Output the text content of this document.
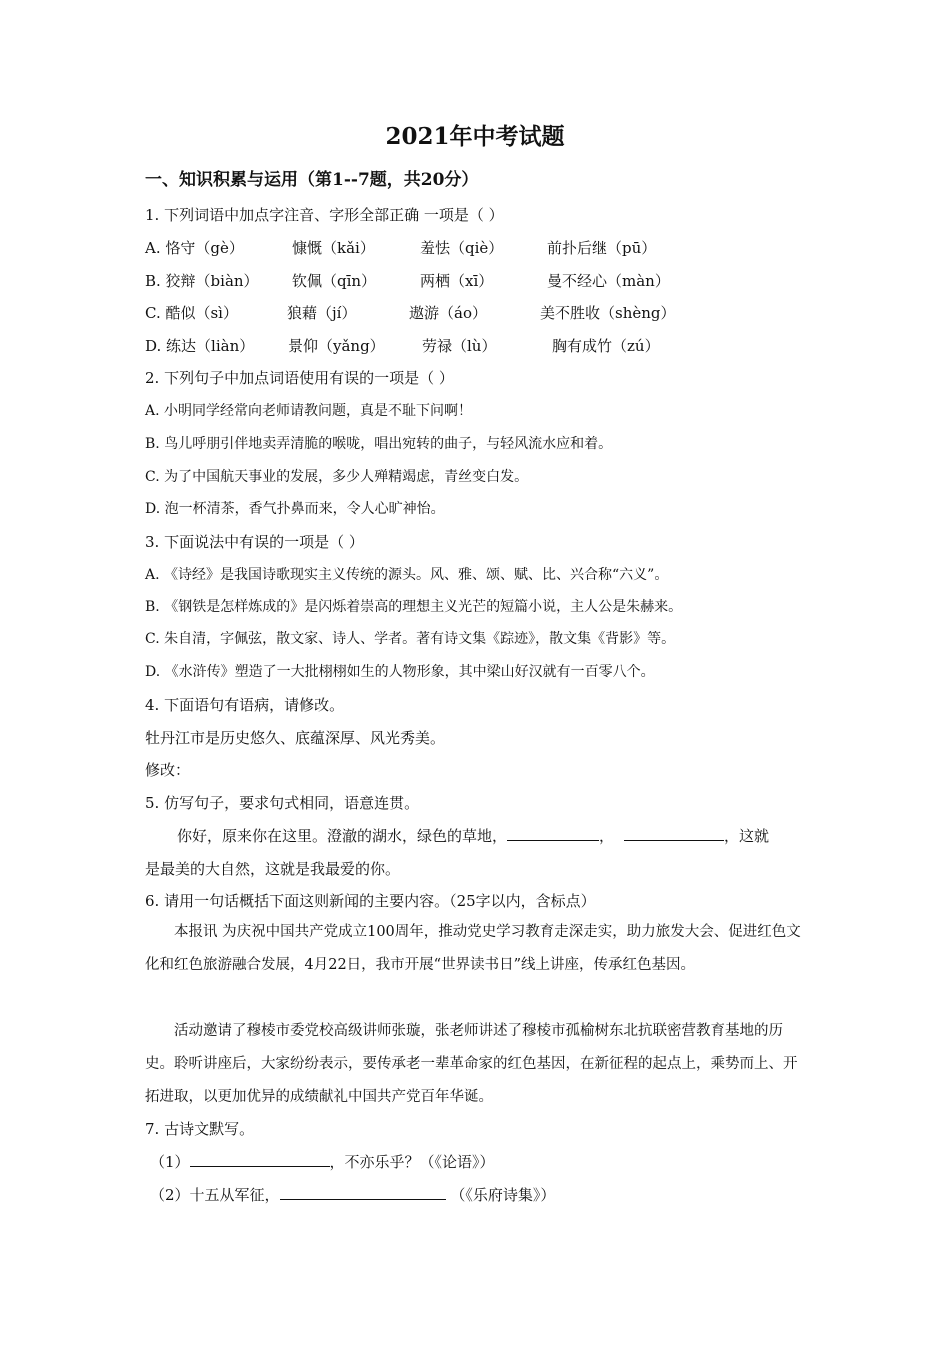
2021年中考试题
一、知识积累与运用（第1--7题，共20分）
1. 下列词语中加点字注音、字形全部正确 一项是（ ）
A. 恪守（gè）	慷慨（kǎi）	羞怯（qiè）	前扑后继（pū）
B. 狡辩（biàn） 钦佩（qīn）	两栖（xī）	曼不经心（màn）
C. 酷似（sì）	狼藉（jí）	遨游（áo）	美不胜收（shèng）
D. 练达（liàn） 景仰（yǎng） 劳禄（lù）	胸有成竹（zú）
2. 下列句子中加点词语使用有误的一项是（ ）
A. 小明同学经常向老师请教问题，真是不耻下问啊！
B. 鸟儿呼朋引伴地卖弄清脆的喉咙，唱出宛转的曲子，与轻风流水应和着。
C. 为了中国航天事业的发展，多少人殚精竭虑，青丝变白发。
D. 泡一杯清茶，香气扑鼻而来，令人心旷神怡。
3. 下面说法中有误的一项是（ ）
A. 《诗经》是我国诗歌现实主义传统的源头。风、雅、颂、赋、比、兴合称“六义”。
B. 《钢铁是怎样炼成的》是闪烁着崇高的理想主义光芒的短篇小说，主人公是朱赫来。
C. 朱自清，字佩弦，散文家、诗人、学者。著有诗文集《踪迹》，散文集《背影》等。
D. 《水浒传》塑造了一大批栩栩如生的人物形象，其中梁山好汉就有一百零八个。
4. 下面语句有语病，请修改。
牡丹江市是历史悠久、底蕴深厚、风光秀美。
修改：
5. 仿写句子，要求句式相同，语意连贯。
你好，原来你在这里。澄澈的湖水，绿色的草地，	，	，这就
是最美的大自然，这就是我最爱的你。
6. 请用一句话概括下面这则新闻的主要内容。（25字以内，含标点）
本报讯 为庆祝中国共产党成立100周年，推动党史学习教育走深走实，助力旅发大会、促进红色文化和红色旅游融合发展，4月22日，我市开展“世界读书日”线上讲座，传承红色基因。
活动邀请了穆棱市委党校高级讲师张璇，张老师讲述了穆棱市孤榆树东北抗联密营教育基地的历史。聆听讲座后，大家纷纷表示，要传承老一辈革命家的红色基因，在新征程的起点上，乘势而上、开拓进取，以更加优异的成绩献礼中国共产党百年华诞。
7. 古诗文默写。
（1）	，不亦乐乎？（《论语》）
（2）十五从军征，	（《乐府诗集》）
